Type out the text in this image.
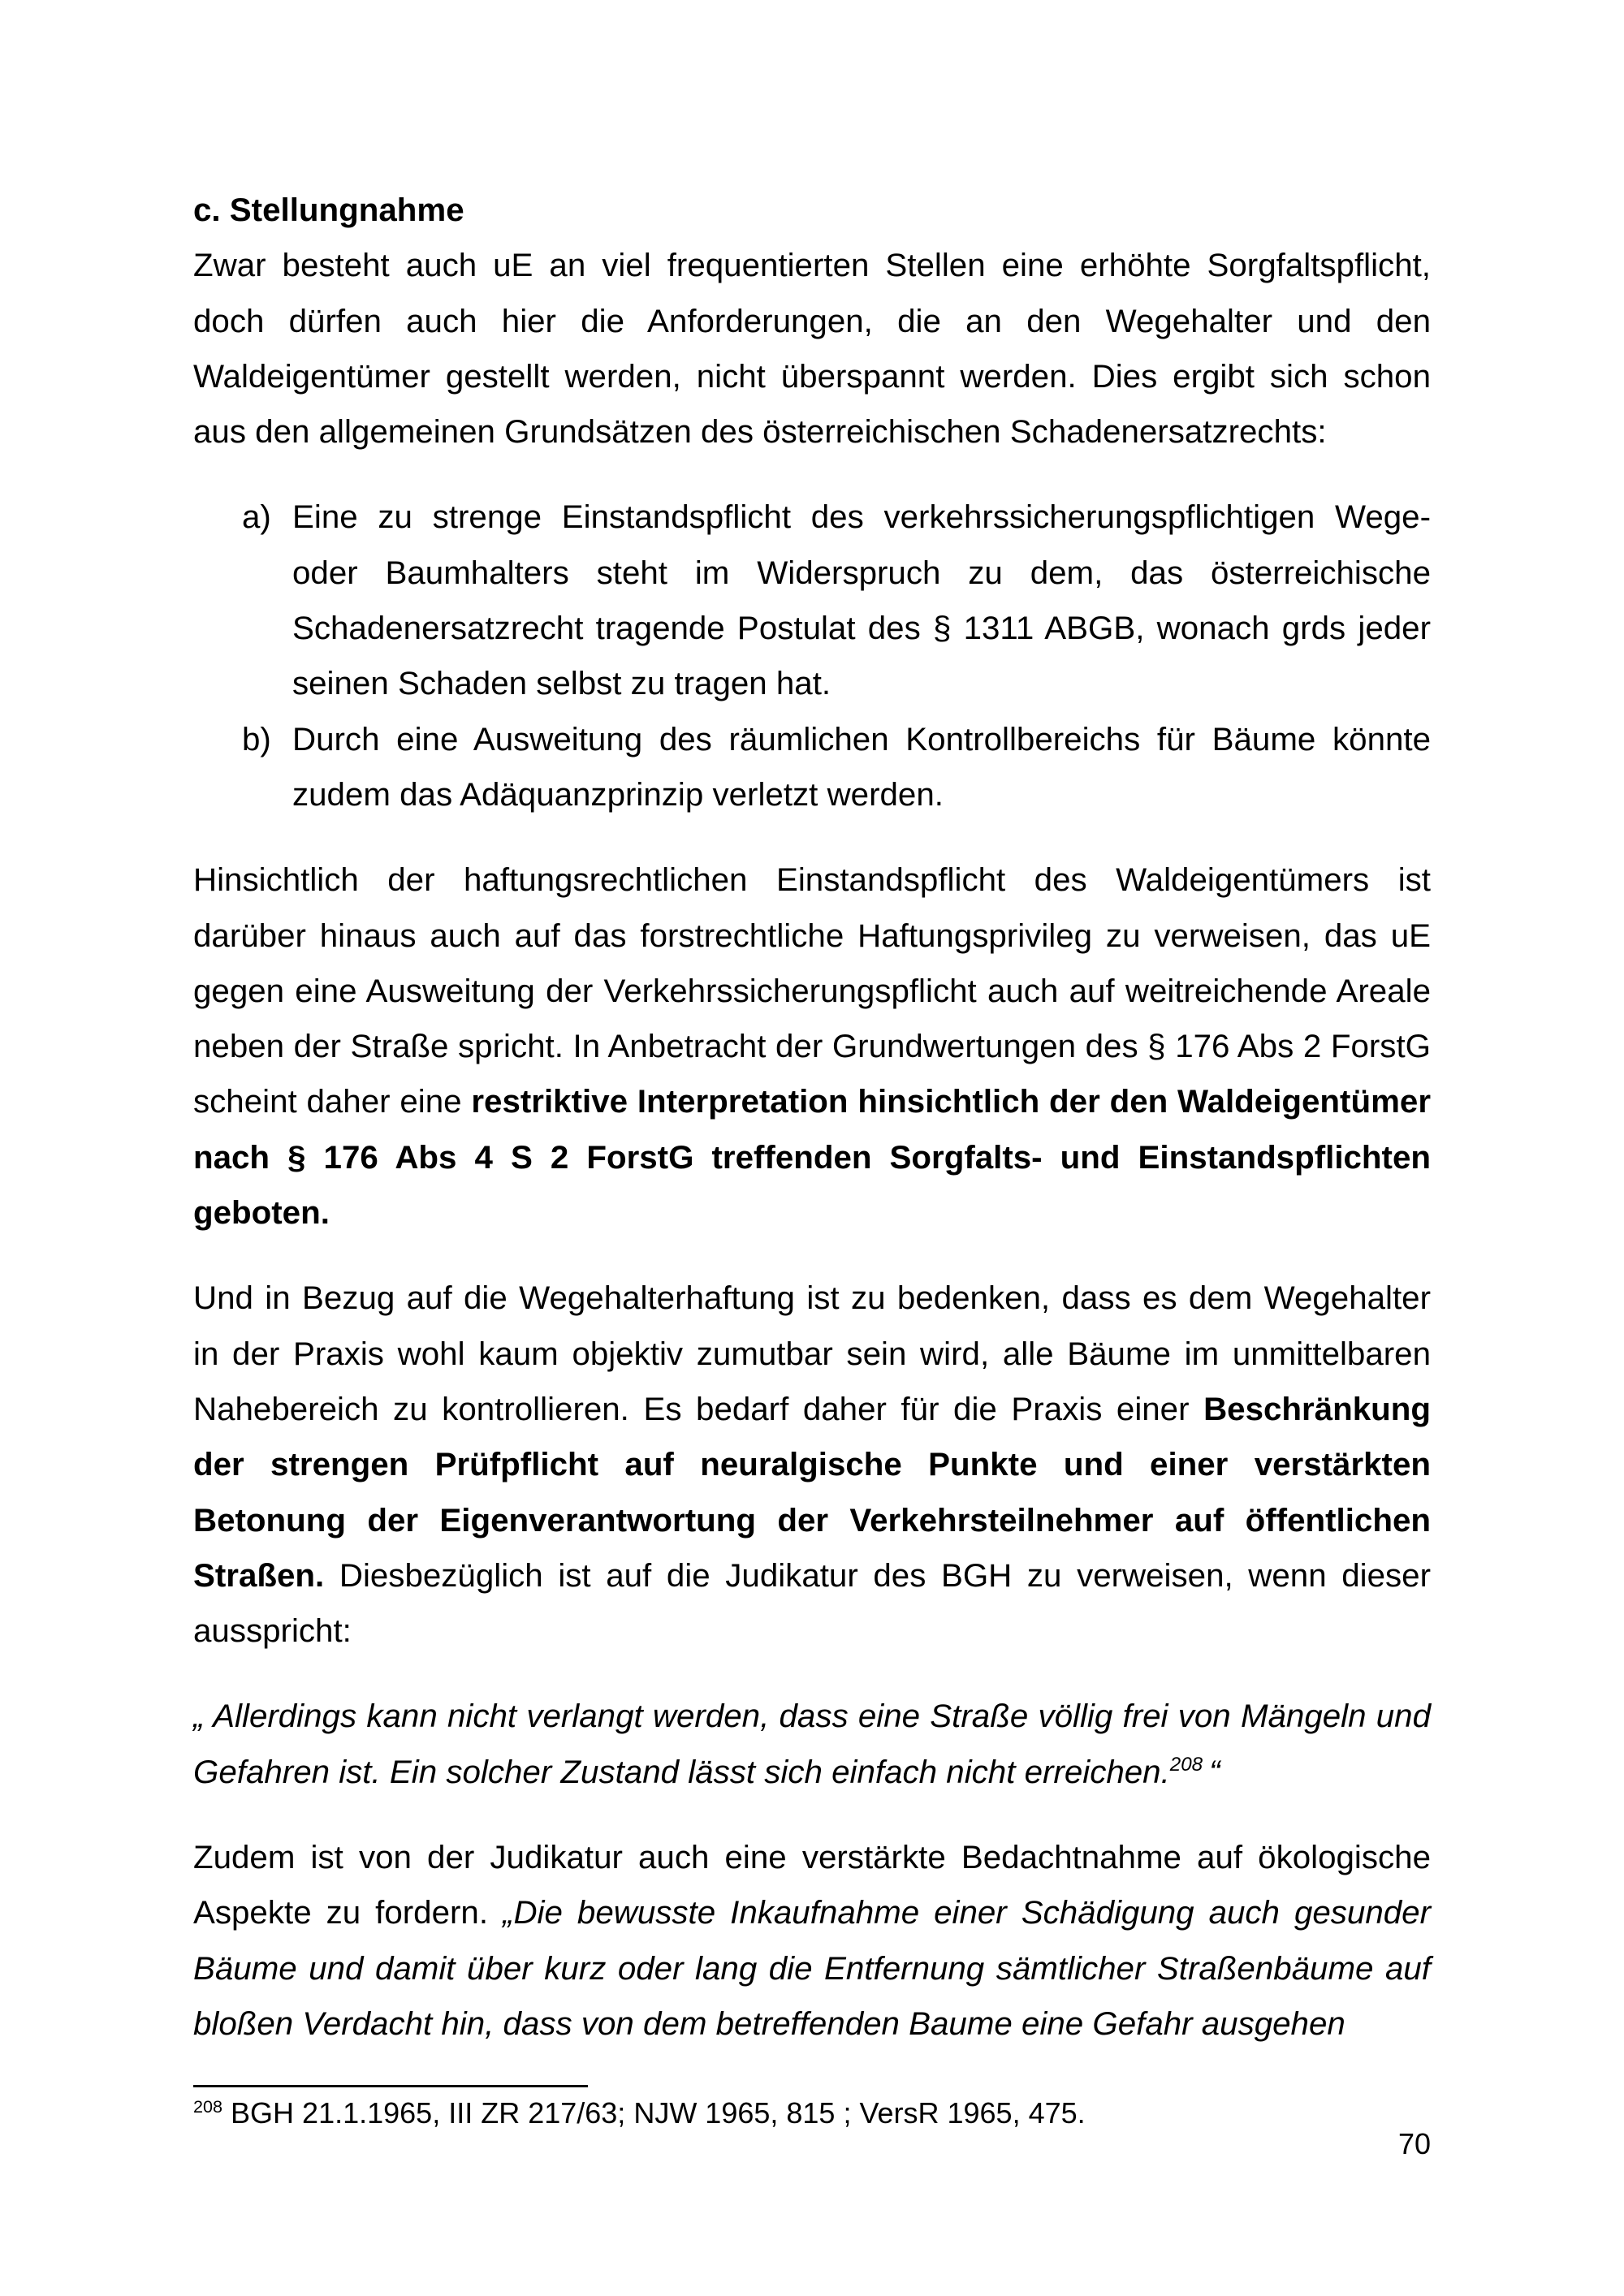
c. Stellungnahme
Zwar besteht auch uE an viel frequentierten Stellen eine erhöhte Sorgfaltspflicht, doch dürfen auch hier die Anforderungen, die an den Wegehalter und den Waldeigentümer gestellt werden, nicht überspannt werden. Dies ergibt sich schon aus den allgemeinen Grundsätzen des österreichischen Schadenersatzrechts:
a) Eine zu strenge Einstandspflicht des verkehrssicherungspflichtigen Wege- oder Baumhalters steht im Widerspruch zu dem, das österreichische Schadenersatzrecht tragende Postulat des § 1311 ABGB, wonach grds jeder seinen Schaden selbst zu tragen hat.
b) Durch eine Ausweitung des räumlichen Kontrollbereichs für Bäume könnte zudem das Adäquanzprinzip verletzt werden.
Hinsichtlich der haftungsrechtlichen Einstandspflicht des Waldeigentümers ist darüber hinaus auch auf das forstrechtliche Haftungsprivileg zu verweisen, das uE gegen eine Ausweitung der Verkehrssicherungspflicht auch auf weitreichende Areale neben der Straße spricht. In Anbetracht der Grundwertungen des § 176 Abs 2 ForstG scheint daher eine restriktive Interpretation hinsichtlich der den Waldeigentümer nach § 176 Abs 4 S 2 ForstG treffenden Sorgfalts- und Einstandspflichten geboten.
Und in Bezug auf die Wegehalterhaftung ist zu bedenken, dass es dem Wegehalter in der Praxis wohl kaum objektiv zumutbar sein wird, alle Bäume im unmittelbaren Nahebereich zu kontrollieren. Es bedarf daher für die Praxis einer Beschränkung der strengen Prüfpflicht auf neuralgische Punkte und einer verstärkten Betonung der Eigenverantwortung der Verkehrsteilnehmer auf öffentlichen Straßen. Diesbezüglich ist auf die Judikatur des BGH zu verweisen, wenn dieser ausspricht:
„ Allerdings kann nicht verlangt werden, dass eine Straße völlig frei von Mängeln und Gefahren ist. Ein solcher Zustand lässt sich einfach nicht erreichen.$^{208}$ “
Zudem ist von der Judikatur auch eine verstärkte Bedachtnahme auf ökologische Aspekte zu fordern. „Die bewusste Inkaufnahme einer Schädigung auch gesunder Bäume und damit über kurz oder lang die Entfernung sämtlicher Straßenbäume auf bloßen Verdacht hin, dass von dem betreffenden Baume eine Gefahr ausgehen
$^{208}$ BGH 21.1.1965, III ZR 217/63; NJW 1965, 815 ; VersR 1965, 475.
70
